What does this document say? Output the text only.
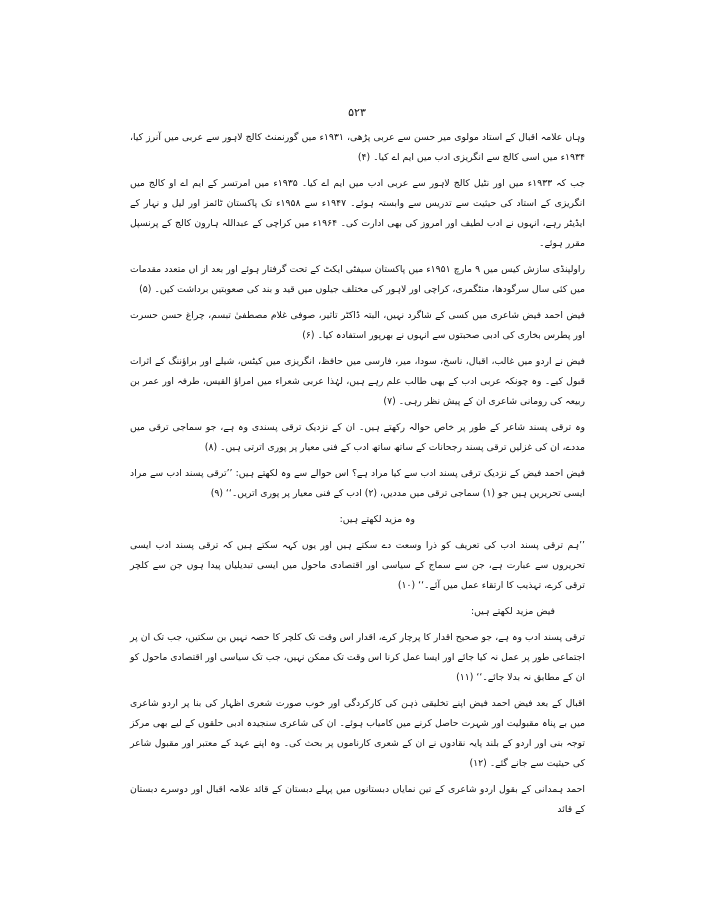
۵۲۳

وہاں علامہ اقبال کے استاد مولوی میر حسن سے عربی پڑھی، ۱۹۳۱ء میں گورنمنٹ کالج لاہور سے عربی میں آنرز کیا، ۱۹۳۴ء میں اسی کالج سے انگریزی ادب میں ایم اے کیا۔ (۴)

جب کہ ۱۹۳۳ء میں اور نٹیل کالج لاہور سے عربی ادب میں ایم اے کیا۔ ۱۹۳۵ء میں امرتسر کے ایم اے او کالج میں انگریزی کے استاد کی حیثیت سے تدریس سے وابستہ ہوئے۔ ۱۹۴۷ء سے ۱۹۵۸ء تک پاکستان ٹائمز اور لیل و نہار کے ایڈیٹر رہے، انہوں نے ادب لطیف اور امروز کی بھی ادارت کی۔ ۱۹۶۴ء میں کراچی کے عبداللہ ہارون کالج کے پرنسپل مقرر ہوئے۔

راولپنڈی سازش کیس میں ۹ مارچ ۱۹۵۱ء میں پاکستان سیفٹی ایکٹ کے تحت گرفتار ہوئے اور بعد از اں متعدد مقدمات میں کئی سال سرگودھا، منٹگمری، کراچی اور لاہور کی مختلف جیلوں میں قید و بند کی صعوبتیں برداشت کیں۔ (۵)

فیض احمد فیض شاعری میں کسی کے شاگرد نہیں، البتہ ڈاکٹر تاثیر، صوفی غلام مصطفیٰ تبسم، چراغ حسن حسرت اور پطرس بخاری کی ادبی صحبتوں سے انہوں نے بھرپور استفادہ کیا۔ (۶)

فیض نے اردو میں غالب، اقبال، ناسخ، سودا، میر، فارسی میں حافظ، انگریزی میں کیٹس، شیلے اور براؤننگ کے اثرات قبول کیے۔ وہ چونکہ عربی ادب کے بھی طالب علم رہے ہیں، لہٰذا عربی شعراء میں امراؤ القیس، طرفہ اور عمر بن ربیعہ کی رومانی شاعری ان کے پیش نظر رہی۔ (۷)

وہ ترقی پسند شاعر کے طور پر خاص حوالہ رکھتے ہیں۔ ان کے نزدیک ترقی پسندی وہ ہے، جو سماجی ترقی میں مددے، ان کی غزلیں ترقی پسند رجحانات کے ساتھ ساتھ ادب کے فنی معیار پر پوری اترتی ہیں۔ (۸)

فیض احمد فیض کے نزدیک ترقی پسند ادب سے کیا مراد ہے؟ اس حوالے سے وہ لکھتے ہیں: ’’ترقی پسند ادب سے مراد ایسی تحریریں ہیں جو (۱) سماجی ترقی میں مددیں، (۲) ادب کے فنی معیار پر پوری اتریں۔‘‘ (۹)

وہ مزید لکھتے ہیں:

’’ہم ترقی پسند ادب کی تعریف کو ذرا وسعت دے سکتے ہیں اور یوں کہہ سکتے ہیں کہ ترقی پسند ادب ایسی تحریروں سے عبارت ہے، جن سے سماج کے سیاسی اور اقتصادی ماحول میں ایسی تبدیلیاں پیدا ہوں جن سے کلچر ترقی کرے، تہذیب کا ارتقاء عمل میں آئے۔‘‘ (۱۰)

فیض مزید لکھتے ہیں:

ترقی پسند ادب وہ ہے، جو صحیح اقدار کا پرچار کرے، اقدار اس وقت تک کلچر کا حصہ نہیں بن سکتیں، جب تک ان پر اجتماعی طور پر عمل نہ کیا جائے اور ایسا عمل کرنا اس وقت تک ممکن نہیں، جب تک سیاسی اور اقتصادی ماحول کو ان کے مطابق نہ بدلا جائے۔‘‘ (۱۱)

اقبال کے بعد فیض احمد فیض اپنے تخلیقی ذہن کی کارکردگی اور خوب صورت شعری اظہار کی بنا پر اردو شاعری میں بے پناہ مقبولیت اور شہرت حاصل کرنے میں کامیاب ہوئے۔ ان کی شاعری سنجیدہ ادبی حلقوں کے لیے بھی مرکز توجہ بنی اور اردو کے بلند پایہ نقادوں نے ان کے شعری کارناموں پر بحث کی۔ وہ اپنے عہد کے معتبر اور مقبول شاعر کی حیثیت سے جانے گئے۔ (۱۲)

احمد ہمدانی کے بقول اردو شاعری کے تین نمایاں دبستانوں میں پہلے دبستان کے قائد علامہ اقبال اور دوسرے دبستان کے قائد
